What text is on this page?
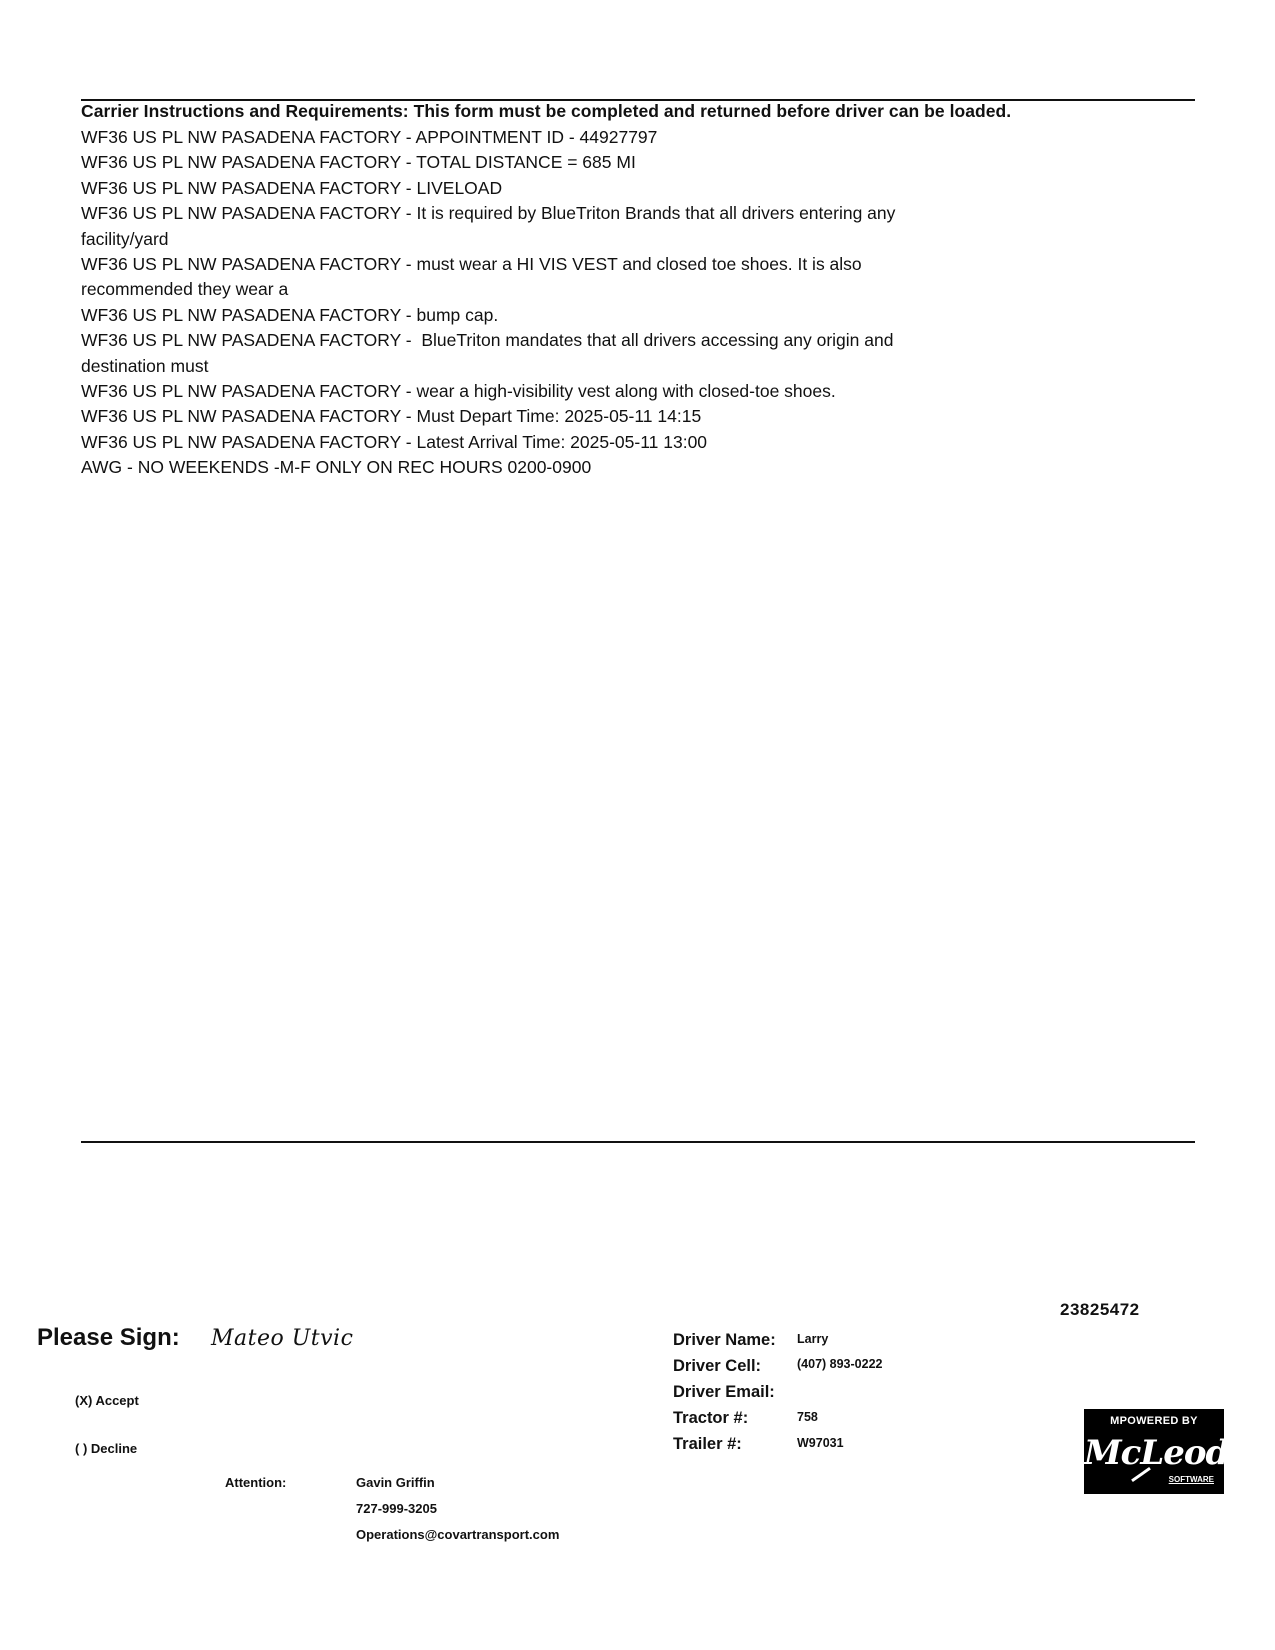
Carrier Instructions and Requirements: This form must be completed and returned before driver can be loaded.
WF36 US PL NW PASADENA FACTORY - APPOINTMENT ID - 44927797
WF36 US PL NW PASADENA FACTORY - TOTAL DISTANCE = 685 MI
WF36 US PL NW PASADENA FACTORY - LIVELOAD
WF36 US PL NW PASADENA FACTORY - It is required by BlueTriton Brands that all drivers entering any
facility/yard
WF36 US PL NW PASADENA FACTORY - must wear a HI VIS VEST and closed toe shoes. It is also
recommended they wear a
WF36 US PL NW PASADENA FACTORY - bump cap.
WF36 US PL NW PASADENA FACTORY -  BlueTriton mandates that all drivers accessing any origin and
destination must
WF36 US PL NW PASADENA FACTORY - wear a high-visibility vest along with closed-toe shoes.
WF36 US PL NW PASADENA FACTORY - Must Depart Time: 2025-05-11 14:15
WF36 US PL NW PASADENA FACTORY - Latest Arrival Time: 2025-05-11 13:00
AWG - NO WEEKENDS -M-F ONLY ON REC HOURS 0200-0900
23825472
Please Sign: Mateo Utvic
(X) Accept
( ) Decline
Attention:	Gavin Griffin
727-999-3205
Operations@covartransport.com
Driver Name: Larry
Driver Cell:	(407) 893-0222
Driver Email:
Tractor #:	758
Trailer #:	W97031
MPOWERED BY
McLeod
SOFTWARE
